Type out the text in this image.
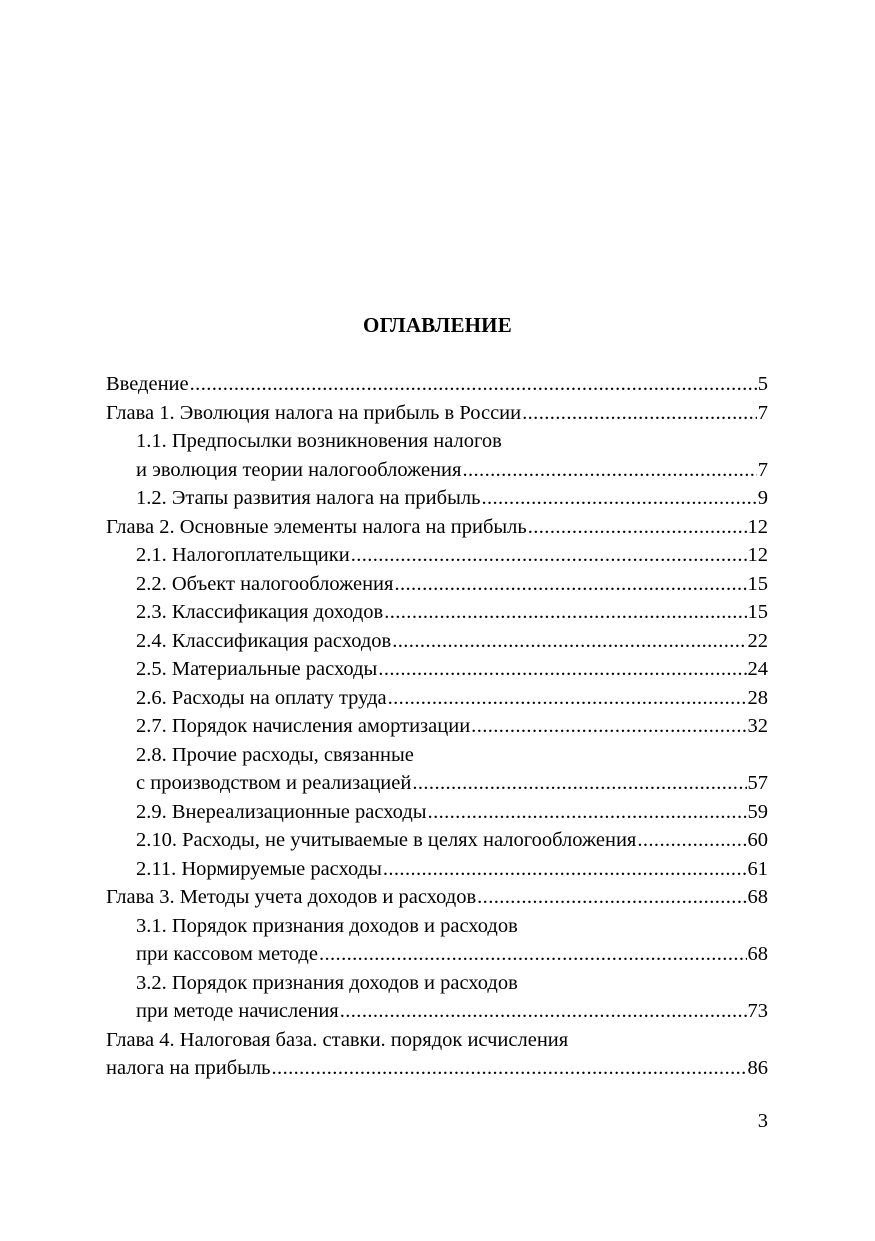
ОГЛАВЛЕНИЕ
Введение .....	5
Глава 1. Эволюция налога на прибыль в России .....	7
1.1. Предпосылки возникновения налогов
и эволюция теории налогообложения .....	7
1.2. Этапы развития налога на прибыль .....	9
Глава 2. Основные элементы налога на прибыль .....	12
2.1. Налогоплательщики .....	12
2.2. Объект налогообложения .....	15
2.3. Классификация доходов .....	15
2.4. Классификация расходов .....	22
2.5. Материальные расходы .....	24
2.6. Расходы на оплату труда .....	28
2.7. Порядок начисления амортизации .....	32
2.8. Прочие расходы, связанные
с производством и реализацией .....	57
2.9. Внереализационные расходы .....	59
2.10. Расходы, не учитываемые в целях налогообложения .....	60
2.11. Нормируемые расходы .....	61
Глава 3. Методы учета доходов и расходов .....	68
3.1. Порядок признания доходов и расходов
при кассовом методе .....	68
3.2. Порядок признания доходов и расходов
при методе начисления .....	73
Глава 4. Налоговая база. ставки. порядок исчисления
налога на прибыль .....	86
3
